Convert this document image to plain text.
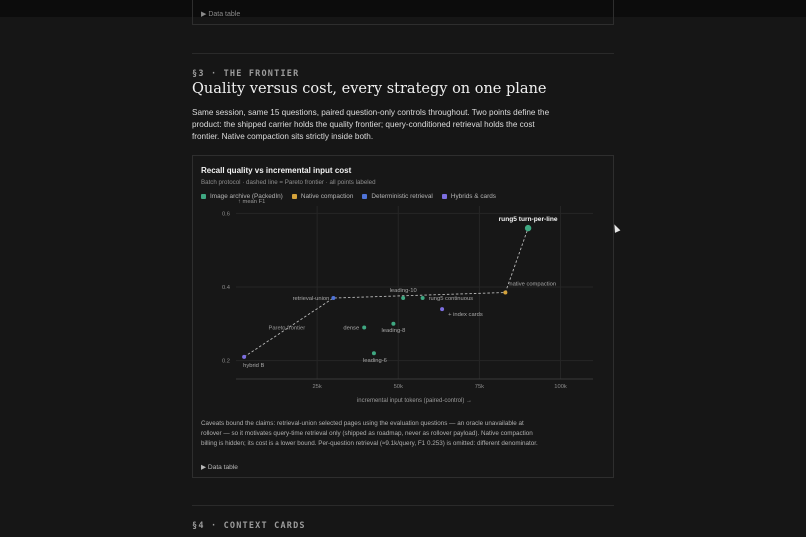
▶ Data table
§3 · THE FRONTIER
Quality versus cost, every strategy on one plane

Same session, same 15 questions, paired question-only controls throughout. Two points define the product: the shipped carrier holds the quality frontier; query-conditioned retrieval holds the cost frontier. Native compaction sits strictly inside both.

Recall quality vs incremental input cost
Batch protocol · dashed line = Pareto frontier · all points labeled
Image archive (PackedIn)	Native compaction	Deterministic retrieval	Hybrids & cards
25k	50k	75k	100k
0.2
0.4
0.6
↑ mean F1
incremental input tokens (paired-control) →
Pareto frontier
rung5 turn-per-line
leading-10
rung5 continuous
dense	leading-8
leading-6
native compaction
retrieval-union
hybrid B
+ index cards

Caveats bound the claims: retrieval-union selected pages using the evaluation questions — an oracle unavailable at rollover — so it motivates query-time retrieval only (shipped as roadmap, never as rollover payload). Native compaction billing is hidden; its cost is a lower bound. Per-question retrieval (≈9.1k/query, F1 0.253) is omitted: different denominator.

▶ Data table
§4 · CONTEXT CARDS
